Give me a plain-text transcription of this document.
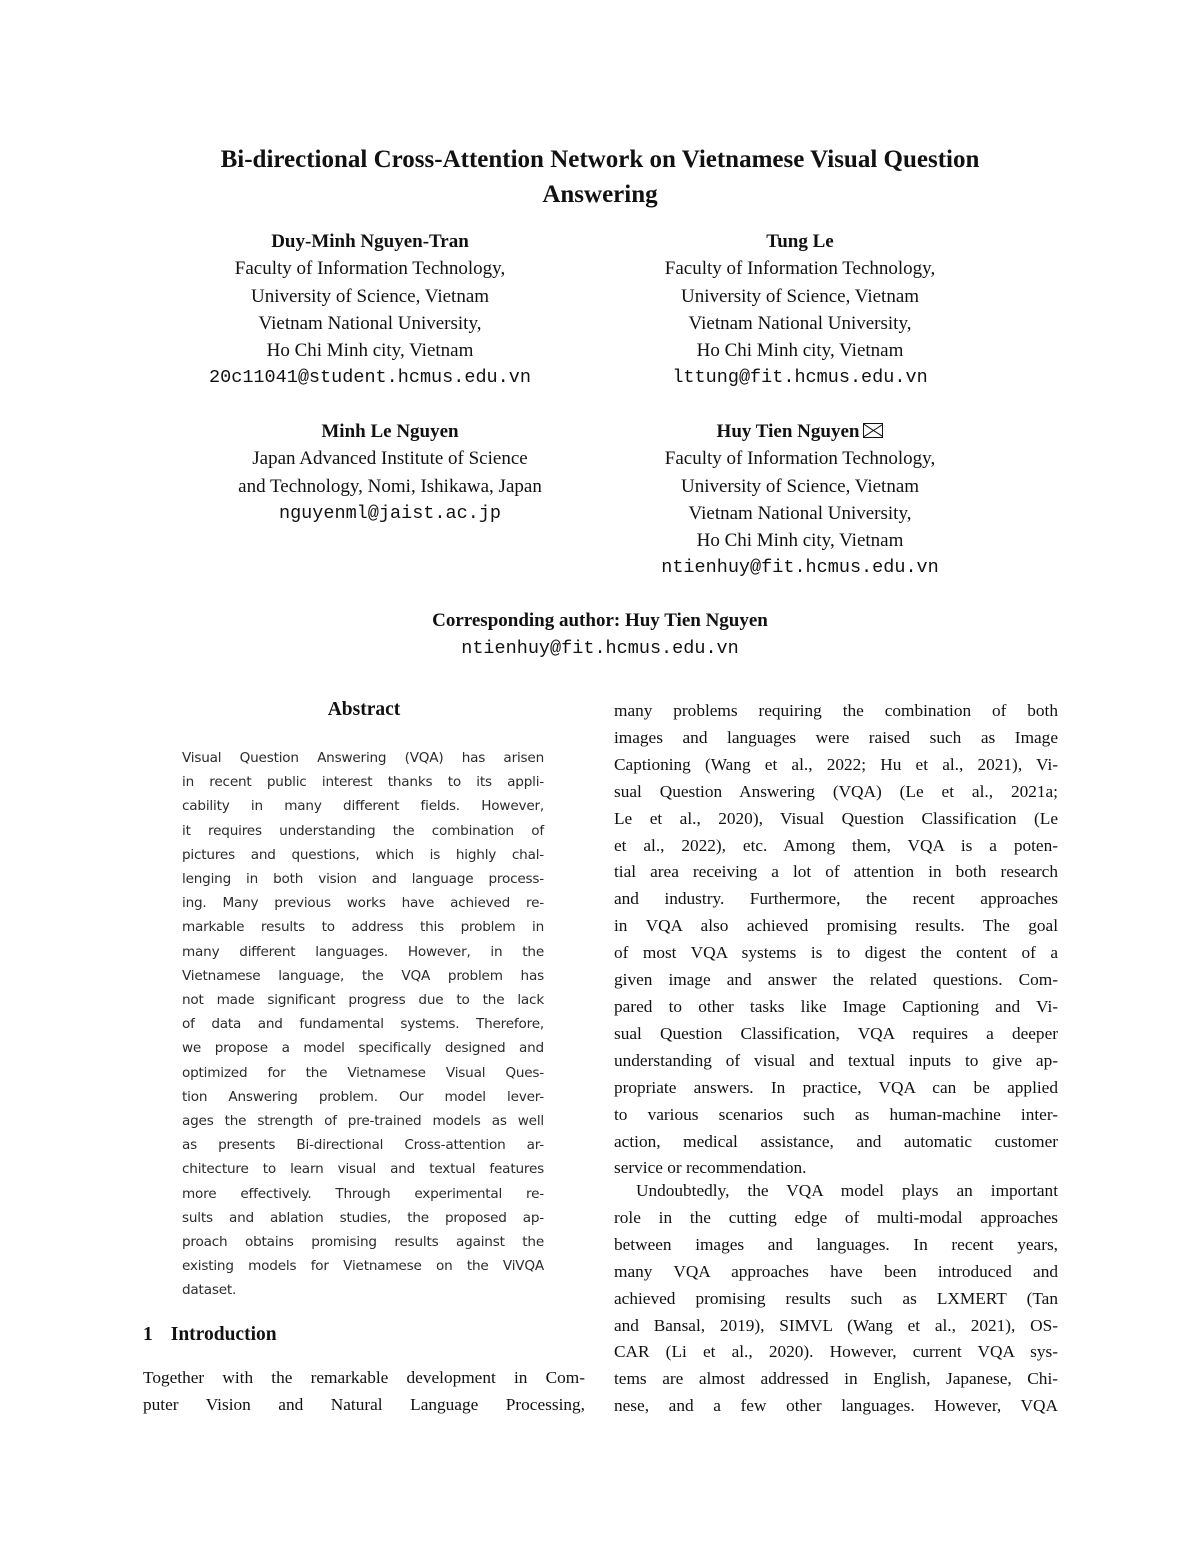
Bi-directional Cross-Attention Network on Vietnamese Visual Question
Answering
Duy-Minh Nguyen-Tran
Faculty of Information Technology,
University of Science, Vietnam
Vietnam National University,
Ho Chi Minh city, Vietnam
20c11041@student.hcmus.edu.vn
Tung Le
Faculty of Information Technology,
University of Science, Vietnam
Vietnam National University,
Ho Chi Minh city, Vietnam
lttung@fit.hcmus.edu.vn
Minh Le Nguyen
Japan Advanced Institute of Science
and Technology, Nomi, Ishikawa, Japan
nguyenml@jaist.ac.jp
Huy Tien Nguyen
Faculty of Information Technology,
University of Science, Vietnam
Vietnam National University,
Ho Chi Minh city, Vietnam
ntienhuy@fit.hcmus.edu.vn
Corresponding author: Huy Tien Nguyen
ntienhuy@fit.hcmus.edu.vn
Abstract
Visual Question Answering (VQA) has arisen
in recent public interest thanks to its appli-
cability in many different fields. However,
it requires understanding the combination of
pictures and questions, which is highly chal-
lenging in both vision and language process-
ing. Many previous works have achieved re-
markable results to address this problem in
many different languages. However, in the
Vietnamese language, the VQA problem has
not made significant progress due to the lack
of data and fundamental systems. Therefore,
we propose a model specifically designed and
optimized for the Vietnamese Visual Ques-
tion Answering problem. Our model lever-
ages the strength of pre-trained models as well
as presents Bi-directional Cross-attention ar-
chitecture to learn visual and textual features
more effectively. Through experimental re-
sults and ablation studies, the proposed ap-
proach obtains promising results against the
existing models for Vietnamese on the ViVQA
dataset.
1 Introduction
Together with the remarkable development in Com-
puter Vision and Natural Language Processing,
many problems requiring the combination of both
images and languages were raised such as Image
Captioning (Wang et al., 2022; Hu et al., 2021), Vi-
sual Question Answering (VQA) (Le et al., 2021a;
Le et al., 2020), Visual Question Classification (Le
et al., 2022), etc. Among them, VQA is a poten-
tial area receiving a lot of attention in both research
and industry. Furthermore, the recent approaches
in VQA also achieved promising results. The goal
of most VQA systems is to digest the content of a
given image and answer the related questions. Com-
pared to other tasks like Image Captioning and Vi-
sual Question Classification, VQA requires a deeper
understanding of visual and textual inputs to give ap-
propriate answers. In practice, VQA can be applied
to various scenarios such as human-machine inter-
action, medical assistance, and automatic customer
service or recommendation.
Undoubtedly, the VQA model plays an important
role in the cutting edge of multi-modal approaches
between images and languages. In recent years,
many VQA approaches have been introduced and
achieved promising results such as LXMERT (Tan
and Bansal, 2019), SIMVL (Wang et al., 2021), OS-
CAR (Li et al., 2020). However, current VQA sys-
tems are almost addressed in English, Japanese, Chi-
nese, and a few other languages. However, VQA
